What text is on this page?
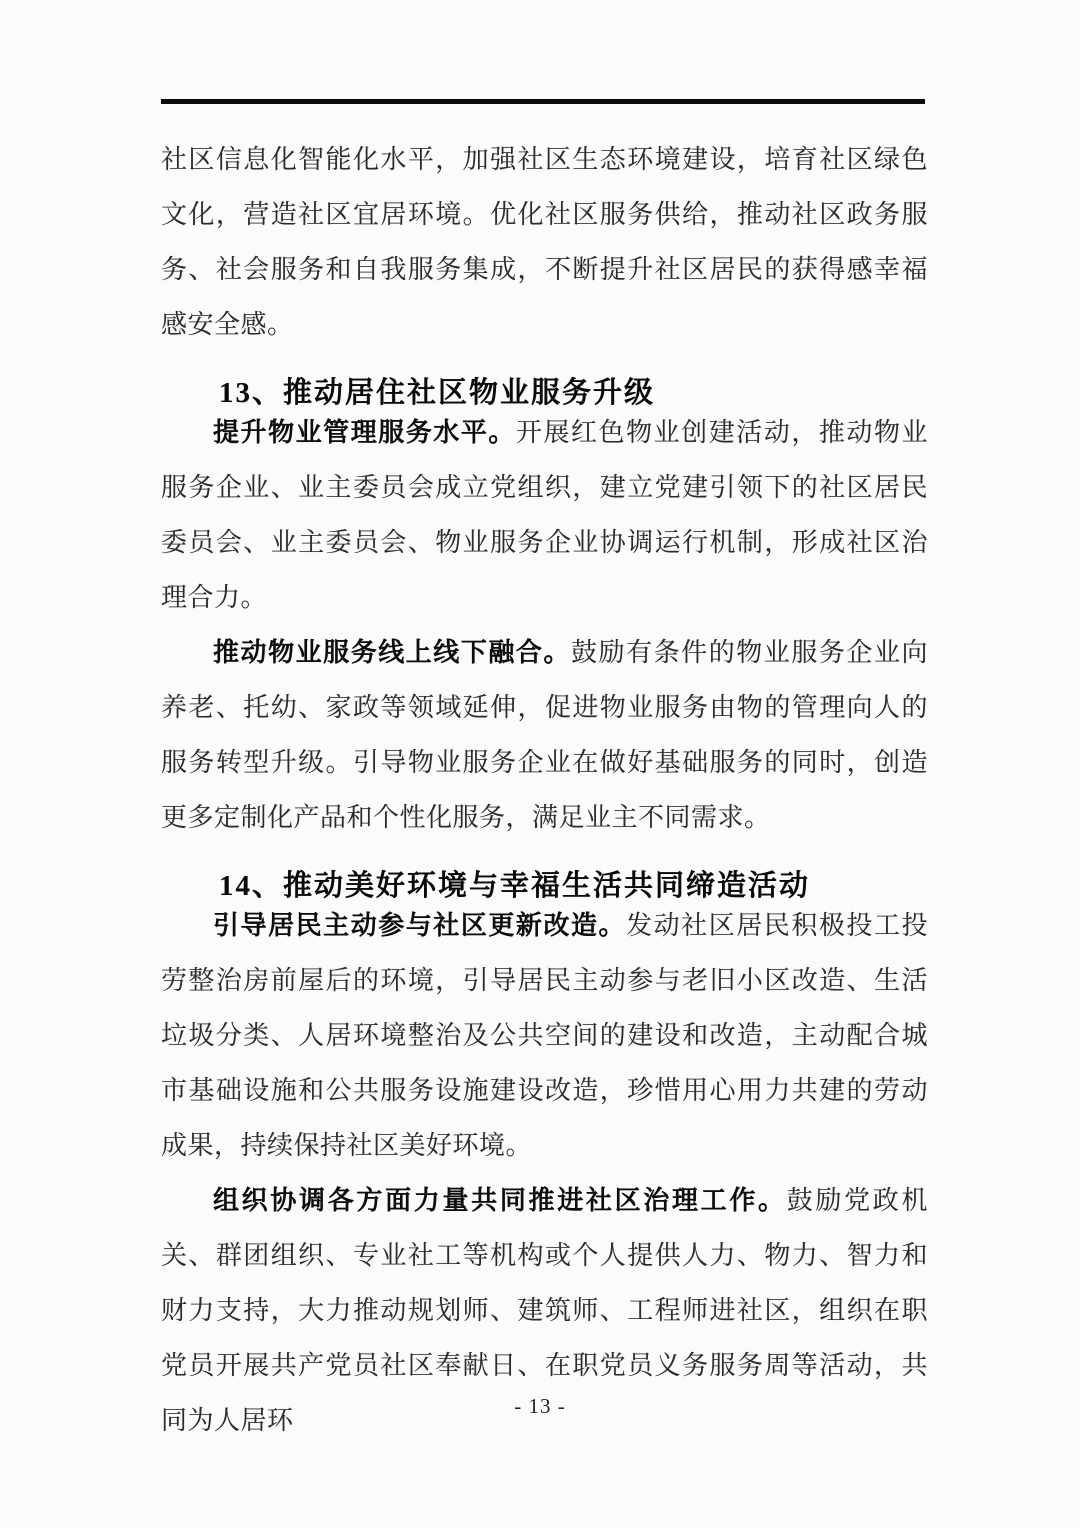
社区信息化智能化水平，加强社区生态环境建设，培育社区绿色文化，营造社区宜居环境。优化社区服务供给，推动社区政务服务、社会服务和自我服务集成，不断提升社区居民的获得感幸福感安全感。

13、推动居住社区物业服务升级

提升物业管理服务水平。开展红色物业创建活动，推动物业服务企业、业主委员会成立党组织，建立党建引领下的社区居民委员会、业主委员会、物业服务企业协调运行机制，形成社区治理合力。

推动物业服务线上线下融合。鼓励有条件的物业服务企业向养老、托幼、家政等领域延伸，促进物业服务由物的管理向人的服务转型升级。引导物业服务企业在做好基础服务的同时，创造更多定制化产品和个性化服务，满足业主不同需求。

14、推动美好环境与幸福生活共同缔造活动

引导居民主动参与社区更新改造。发动社区居民积极投工投劳整治房前屋后的环境，引导居民主动参与老旧小区改造、生活垃圾分类、人居环境整治及公共空间的建设和改造，主动配合城市基础设施和公共服务设施建设改造，珍惜用心用力共建的劳动成果，持续保持社区美好环境。

组织协调各方面力量共同推进社区治理工作。鼓励党政机关、群团组织、专业社工等机构或个人提供人力、物力、智力和财力支持，大力推动规划师、建筑师、工程师进社区，组织在职党员开展共产党员社区奉献日、在职党员义务服务周等活动，共同为人居环	- 13 -
